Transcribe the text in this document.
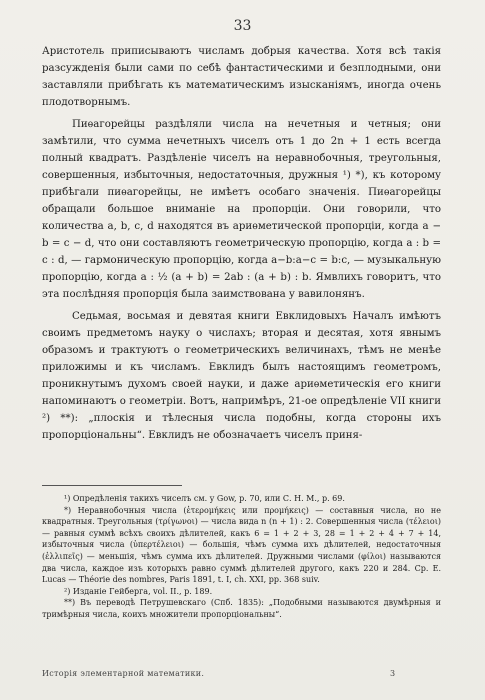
33

Аристотель приписываютъ числамъ добрыя качества. Хотя всѣ такія разсужденія были сами по себѣ фантастическими и безплодными, они заставляли прибѣгать къ математическимъ изысканіямъ, иногда очень плодотворнымъ.

Пиѳагорейцы раздѣляли числа на нечетныя и четныя; они замѣтили, что сумма нечетныхъ чиселъ отъ 1 до 2n + 1 есть всегда полный квадратъ. Раздѣленіе чиселъ на неравнобочныя, треугольныя, совершенныя, избыточныя, недостаточныя, дружныя ¹) *), къ которому прибѣгали пиѳагорейцы, не имѣетъ особаго значенія. Пиѳагорейцы обращали большое вниманіе на пропорціи. Они говорили, что количества a, b, c, d находятся въ ариѳметической пропорціи, когда a − b = c − d, что они составляютъ геометрическую пропорцію, когда a : b = c : d, — гармоническую пропорцію, когда a−b:a−c = b:c, — музыкальную пропорцію, когда a : ½ (a + b) = 2ab : (a + b) : b. Ямвлихъ говоритъ, что эта послѣдняя пропорція была заимствована у вавилонянъ.

Седьмая, восьмая и девятая книги Евклидовыхъ Началъ имѣютъ своимъ предметомъ науку о числахъ; вторая и десятая, хотя явнымъ образомъ и трактуютъ о геометрическихъ величинахъ, тѣмъ не менѣе приложимы и къ числамъ. Евклидъ былъ настоящимъ геометромъ, проникнутымъ духомъ своей науки, и даже ариѳметическія его книги напоминаютъ о геометріи. Вотъ, напримѣръ, 21-ое опредѣленіе VII книги ²) **): „плоскія и тѣлесныя числа подобны, когда стороны ихъ пропорціональны“. Евклидъ не обозначаетъ чиселъ приня-

¹) Опредѣленія такихъ чиселъ см. у Gow, p. 70, или С. Н. М., p. 69.

*) Неравнобочныя числа (ἑτερομήκεις или προμήκεις) — составныя числа, но не квадратныя. Треугольныя (τρίγωνοι) — числа вида n (n + 1) : 2. Совершенныя числа (τέλειοι) — равныя суммѣ всѣхъ своихъ дѣлителей, какъ 6 = 1 + 2 + 3, 28 = 1 + 2 + 4 + 7 + 14, избыточныя числа (ὑπερτέλειοι) — большія, чѣмъ сумма ихъ дѣлителей, недостаточныя (ἐλλιπεῖς) — меньшія, чѣмъ сумма ихъ дѣлителей. Дружными числами (φίλοι) называются два числа, каждое изъ которыхъ равно суммѣ дѣлителей другого, какъ 220 и 284. Ср. E. Lucas — Théorie des nombres, Paris 1891, t. I, ch. XXI, pp. 368 suiv.

²) Изданіе Гейберга, vol. II., p. 189.

**) Въ переводѣ Петрушевскаго (Спб. 1835): „Подобными называются двумѣрныя и тримѣрныя числа, коихъ множители пропорціональны“.

Исторія элементарной математики.	3
